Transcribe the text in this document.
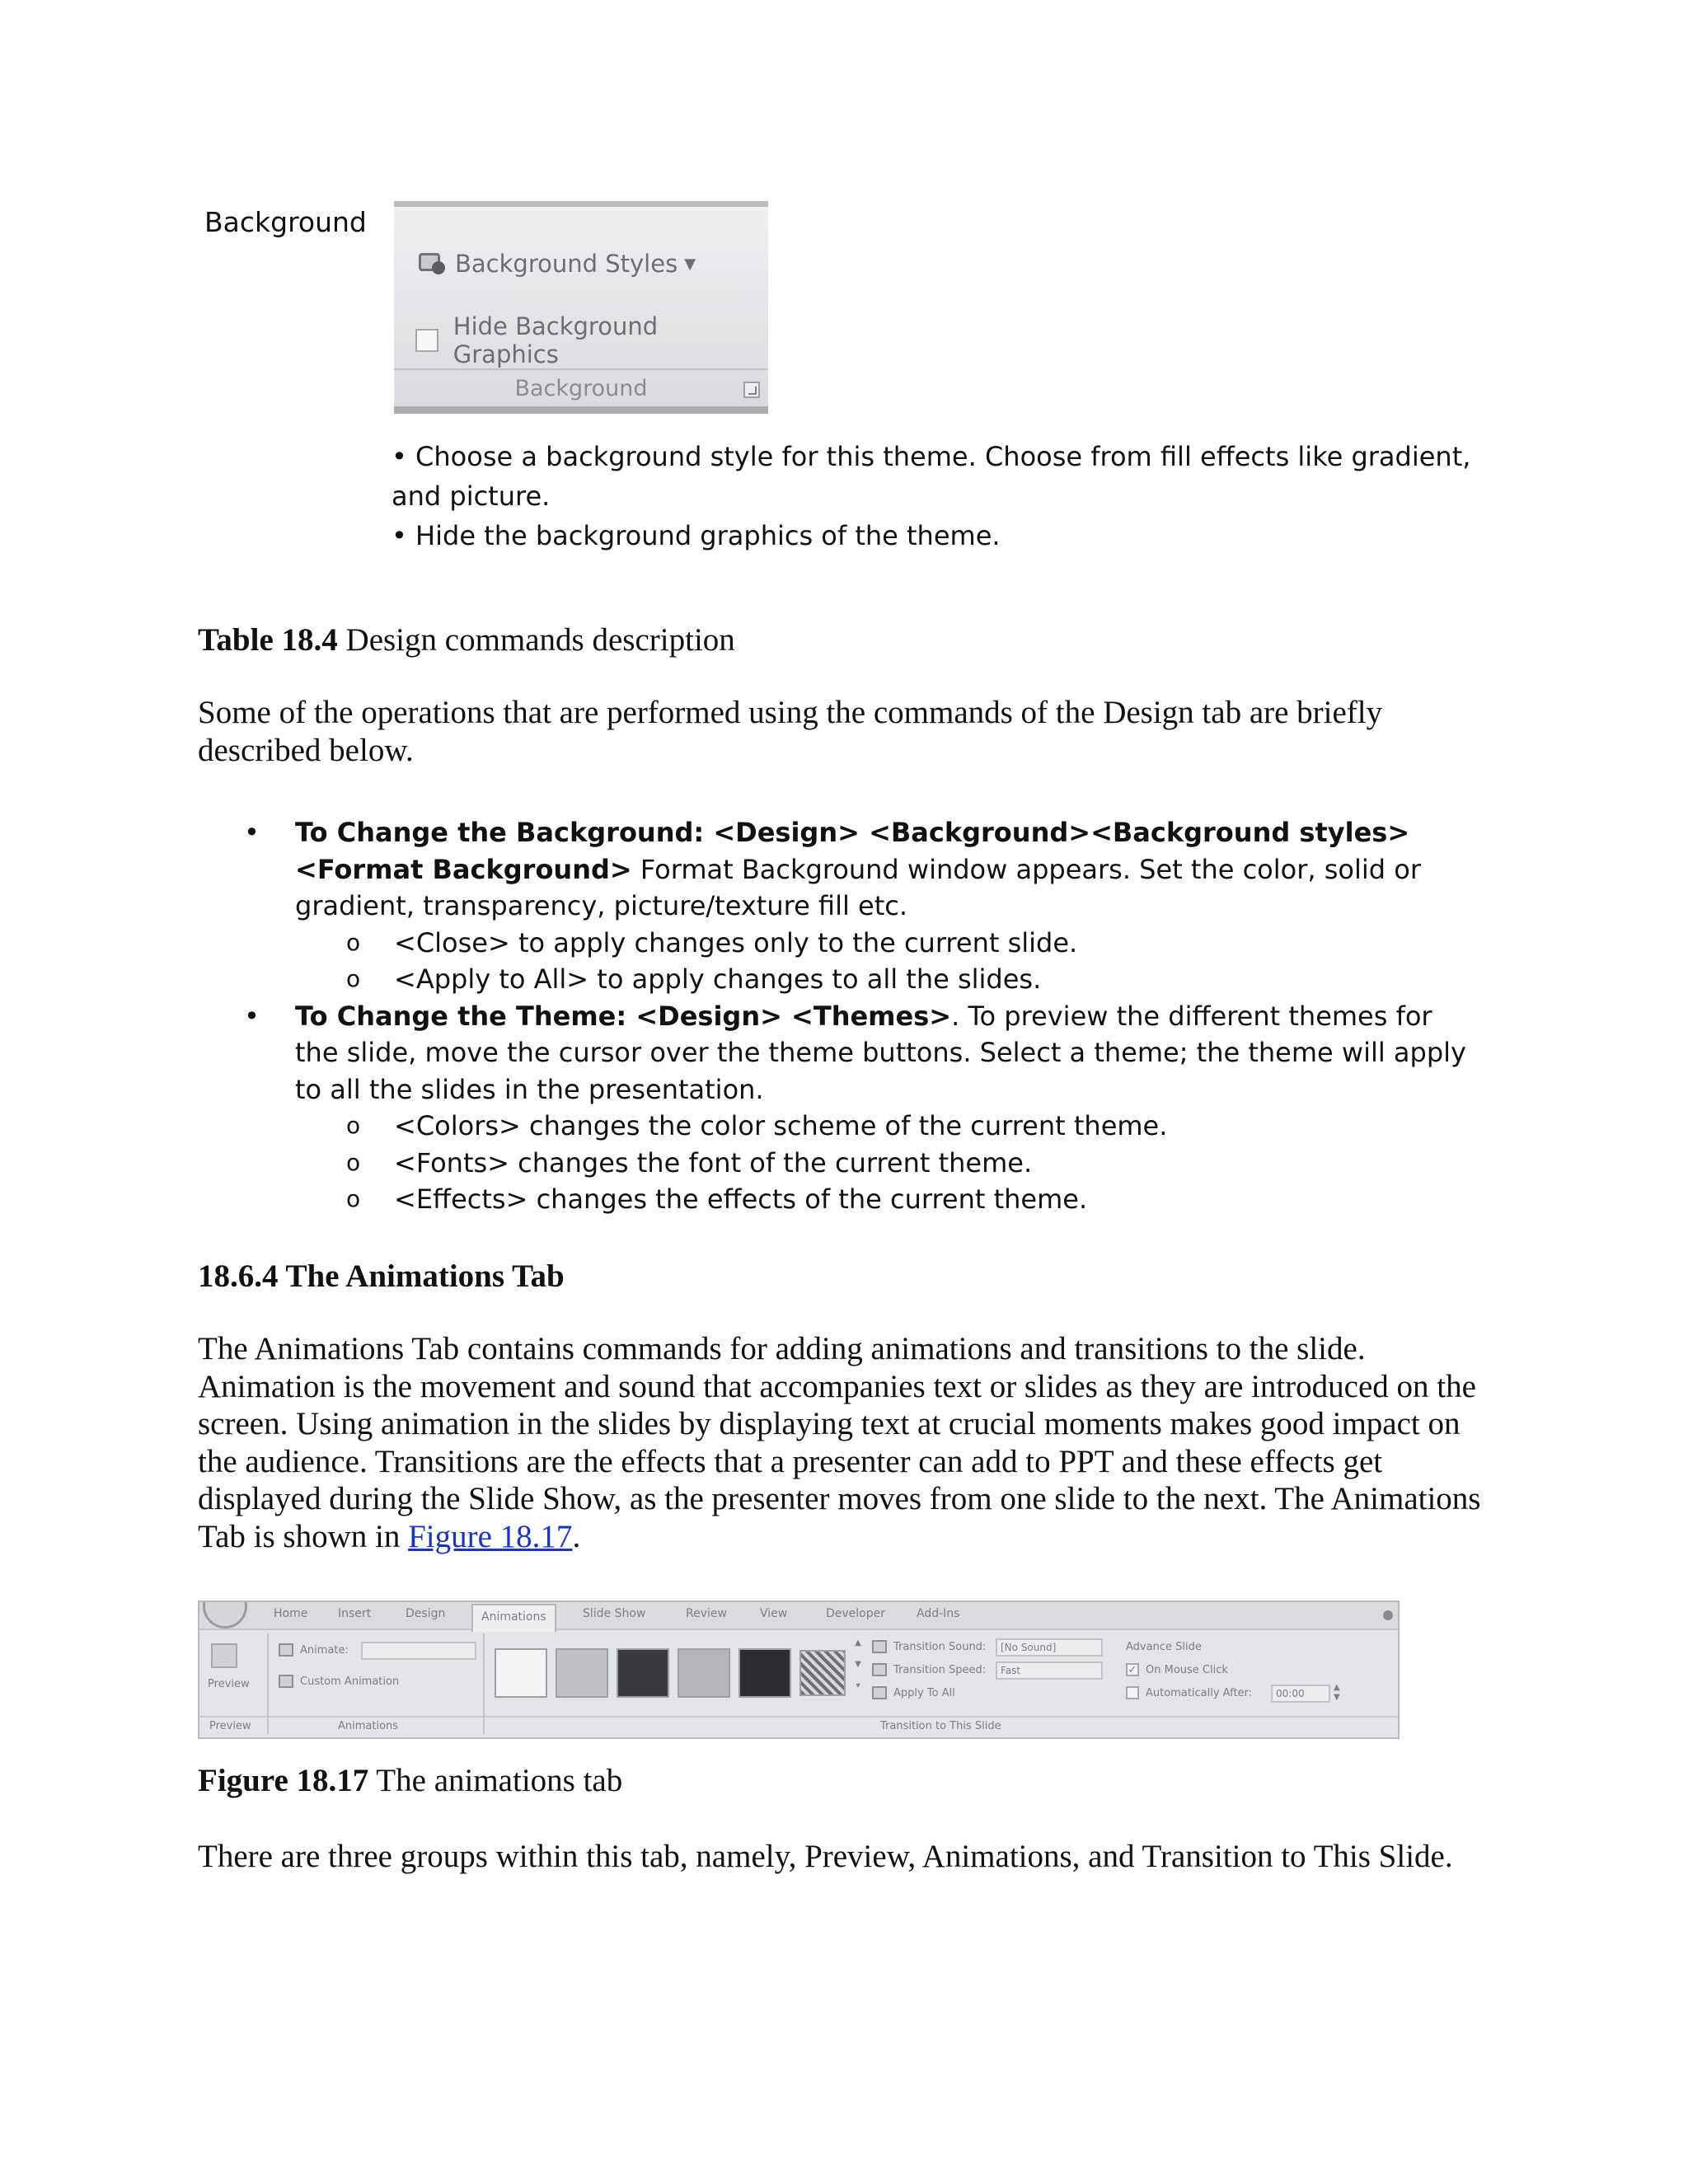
Background
Background Styles ▼
Hide Background Graphics
Background
• Choose a background style for this theme. Choose from fill effects like gradient, and picture.
• Hide the background graphics of the theme.
Table 18.4 Design commands description
Some of the operations that are performed using the commands of the Design tab are briefly described below.
• To Change the Background: <Design> <Background><Background styles> <Format Background> Format Background window appears. Set the color, solid or gradient, transparency, picture/texture fill etc.
o <Close> to apply changes only to the current slide.
o <Apply to All> to apply changes to all the slides.
• To Change the Theme: <Design> <Themes>. To preview the different themes for the slide, move the cursor over the theme buttons. Select a theme; the theme will apply to all the slides in the presentation.
o <Colors> changes the color scheme of the current theme.
o <Fonts> changes the font of the current theme.
o <Effects> changes the effects of the current theme.
18.6.4 The Animations Tab
The Animations Tab contains commands for adding animations and transitions to the slide. Animation is the movement and sound that accompanies text or slides as they are introduced on the screen. Using animation in the slides by displaying text at crucial moments makes good impact on the audience. Transitions are the effects that a presenter can add to PPT and these effects get displayed during the Slide Show, as the presenter moves from one slide to the next. The Animations Tab is shown in Figure 18.17.
Home	Insert	Design	Animations	Slide Show	Review	View	Developer	Add-Ins
Preview
Preview
Animate:
Custom Animation
Animations
▲
▼
▾
Transition Sound:	[No Sound]
Transition Speed:	Fast
Apply To All
Advance Slide
✓ On Mouse Click
Automatically After:	00:00
▲
▼
Transition to This Slide
Figure 18.17 The animations tab
There are three groups within this tab, namely, Preview, Animations, and Transition to This Slide.
